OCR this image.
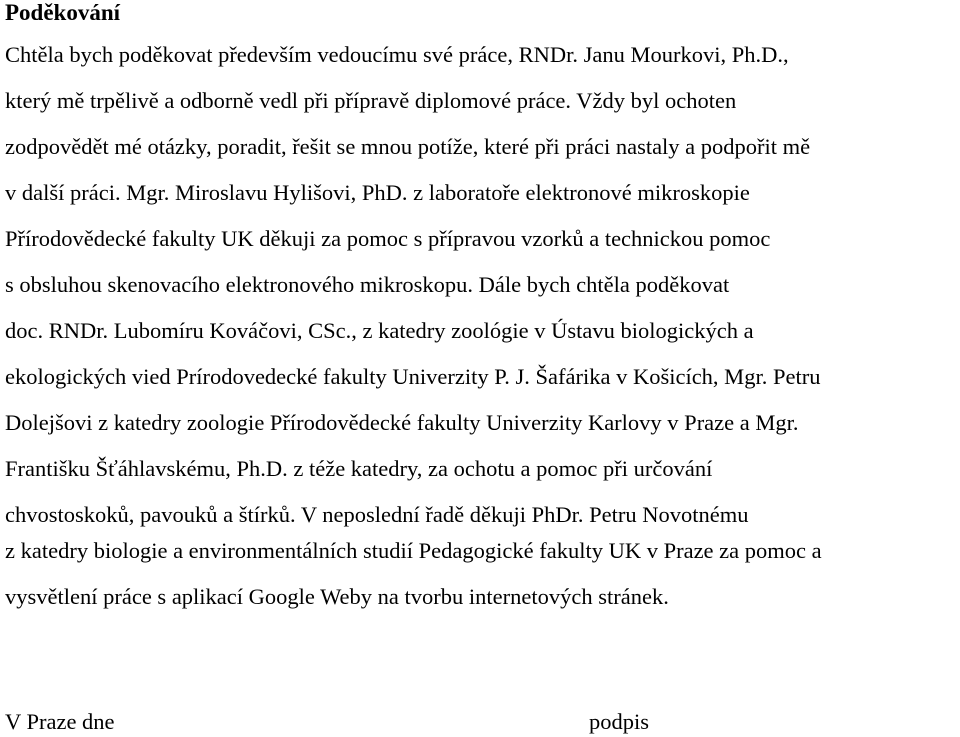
Poděkování
Chtěla bych poděkovat především vedoucímu své práce, RNDr. Janu Mourkovi, Ph.D.,
který mě trpělivě a odborně vedl při přípravě diplomové práce. Vždy byl ochoten
zodpovědět mé otázky, poradit, řešit se mnou potíže, které při práci nastaly a podpořit mě
v další práci. Mgr. Miroslavu Hylišovi, PhD. z laboratoře elektronové mikroskopie
Přírodovědecké fakulty UK děkuji za pomoc s přípravou vzorků a technickou pomoc
s obsluhou skenovacího elektronového mikroskopu. Dále bych chtěla poděkovat
doc. RNDr. Lubomíru Kováčovi, CSc., z katedry zoológie v Ústavu biologických a
ekologických vied Prírodovedecké fakulty Univerzity P. J. Šafárika v Košicích, Mgr. Petru
Dolejšovi z katedry zoologie Přírodovědecké fakulty Univerzity Karlovy v Praze a Mgr.
Františku Šťáhlavskému, Ph.D. z téže katedry, za ochotu a pomoc při určování
chvostoskoků, pavouků a štírků. V neposlední řadě děkuji PhDr. Petru Novotnému
z katedry biologie a environmentálních studií Pedagogické fakulty UK v Praze za pomoc a
vysvětlení práce s aplikací Google Weby na tvorbu internetových stránek.
V Praze dne	podpis
